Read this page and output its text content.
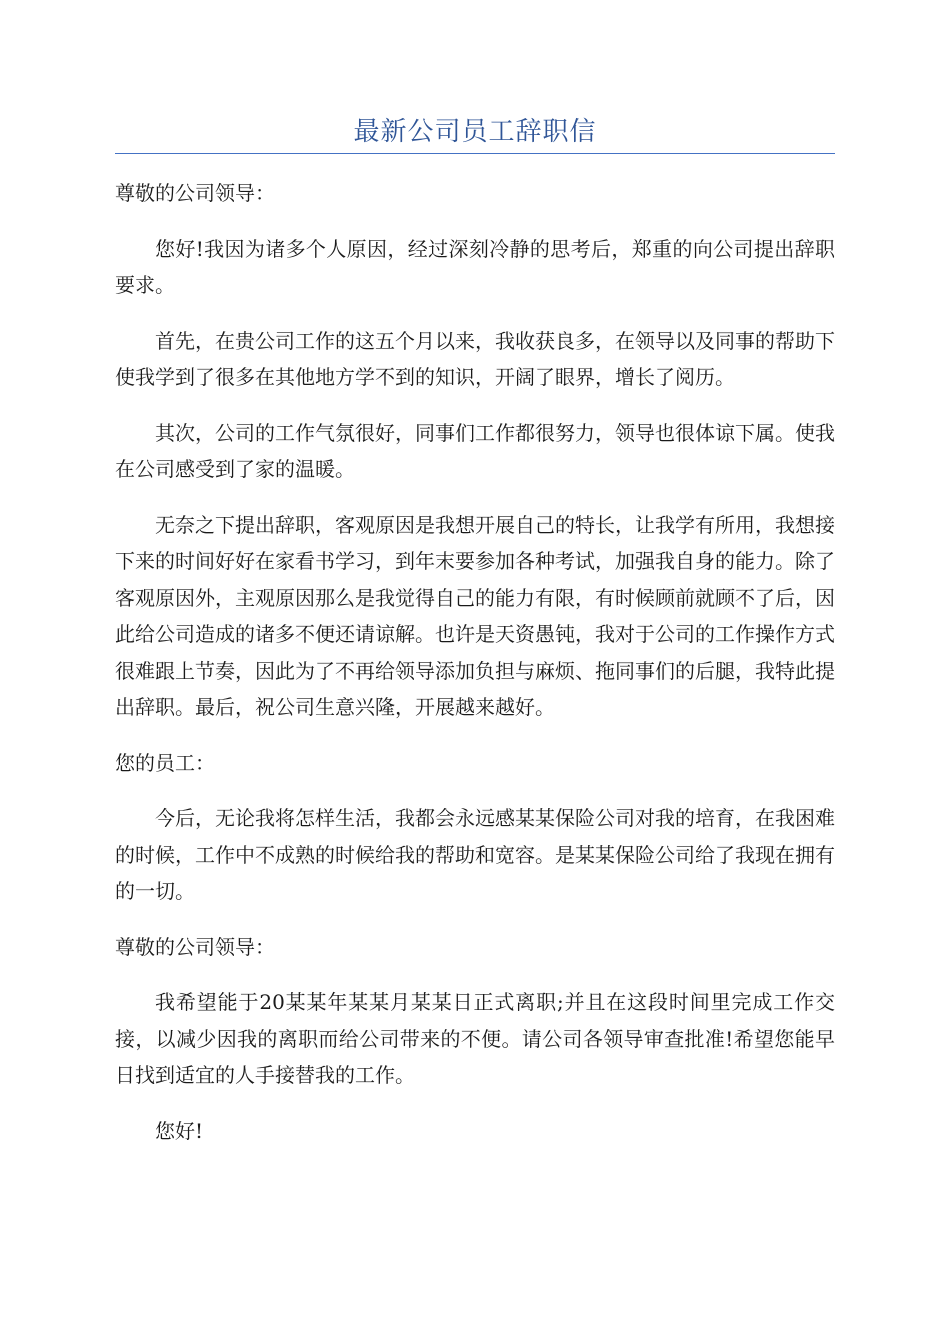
最新公司员工辞职信

尊敬的公司领导：

您好!我因为诸多个人原因，经过深刻冷静的思考后，郑重的向公司提出辞职要求。

首先，在贵公司工作的这五个月以来，我收获良多，在领导以及同事的帮助下使我学到了很多在其他地方学不到的知识，开阔了眼界，增长了阅历。

其次，公司的工作气氛很好，同事们工作都很努力，领导也很体谅下属。使我在公司感受到了家的温暖。

无奈之下提出辞职，客观原因是我想开展自己的特长，让我学有所用，我想接下来的时间好好在家看书学习，到年末要参加各种考试，加强我自身的能力。除了客观原因外，主观原因那么是我觉得自己的能力有限，有时候顾前就顾不了后，因此给公司造成的诸多不便还请谅解。也许是天资愚钝，我对于公司的工作操作方式很难跟上节奏，因此为了不再给领导添加负担与麻烦、拖同事们的后腿，我特此提出辞职。最后，祝公司生意兴隆，开展越来越好。

您的员工：

今后，无论我将怎样生活，我都会永远感某某保险公司对我的培育，在我困难的时候，工作中不成熟的时候给我的帮助和宽容。是某某保险公司给了我现在拥有的一切。

尊敬的公司领导：

我希望能于20某某年某某月某某日正式离职;并且在这段时间里完成工作交接，以减少因我的离职而给公司带来的不便。请公司各领导审查批准!希望您能早日找到适宜的人手接替我的工作。

您好!
